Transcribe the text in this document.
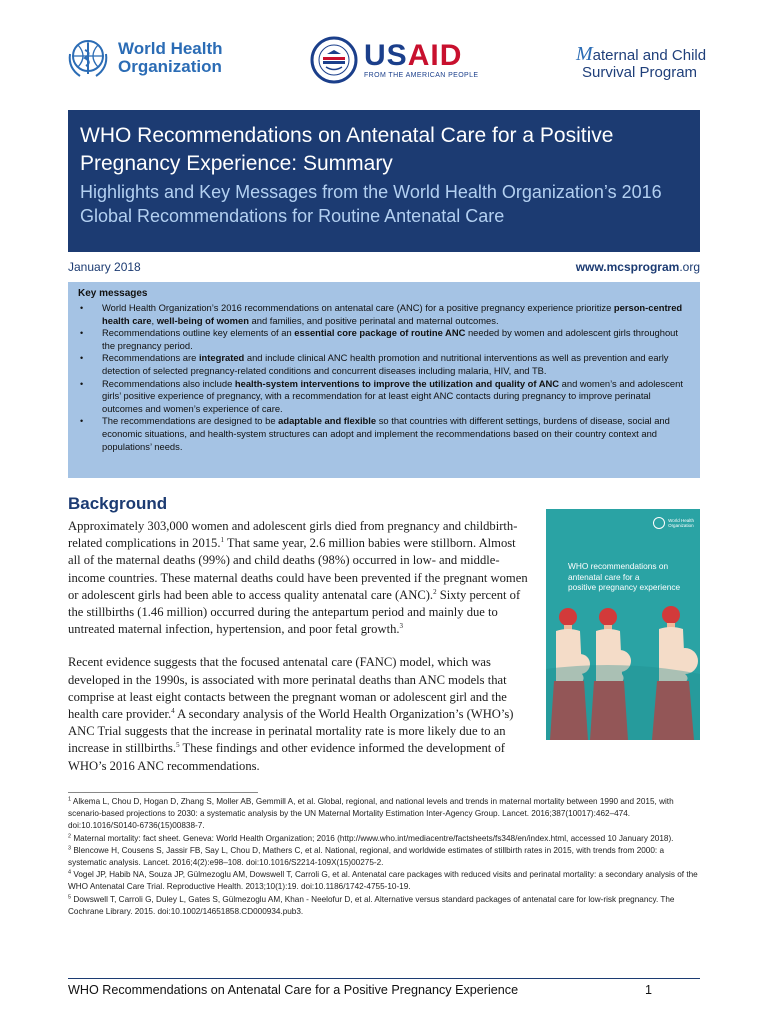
World Health
Organization	USAID
FROM THE AMERICAN PEOPLE
Maternal and Child
Survival Program
WHO Recommendations on Antenatal Care for a Positive Pregnancy Experience: Summary
Highlights and Key Messages from the World Health Organization’s 2016 Global Recommendations for Routine Antenatal Care
January 2018	www.mcsprogram.org
Key messages
• World Health Organization’s 2016 recommendations on antenatal care (ANC) for a positive pregnancy experience prioritize person-centred health care, well-being of women and families, and positive perinatal and maternal outcomes.
• Recommendations outline key elements of an essential core package of routine ANC needed by women and adolescent girls throughout the pregnancy period.
• Recommendations are integrated and include clinical ANC health promotion and nutritional interventions as well as prevention and early detection of selected pregnancy-related conditions and concurrent diseases including malaria, HIV, and TB.
• Recommendations also include health-system interventions to improve the utilization and quality of ANC and women’s and adolescent girls’ positive experience of pregnancy, with a recommendation for at least eight ANC contacts during pregnancy to improve perinatal outcomes and women’s experience of care.
• The recommendations are designed to be adaptable and flexible so that countries with different settings, burdens of disease, social and economic situations, and health-system structures can adopt and implement the recommendations based on their country context and populations’ needs.
Background

Approximately 303,000 women and adolescent girls died from pregnancy and childbirth-related complications in 2015.$^1$ That same year, 2.6 million babies were stillborn. Almost all of the maternal deaths (99%) and child deaths (98%) occurred in low- and middle-income countries. These maternal deaths could have been prevented if the pregnant women or adolescent girls had been able to access quality antenatal care (ANC).$^2$ Sixty percent of the stillbirths (1.46 million) occurred during the antepartum period and mainly due to untreated maternal infection, hypertension, and poor fetal growth.$^3$

Recent evidence suggests that the focused antenatal care (FANC) model, which was developed in the 1990s, is associated with more perinatal deaths than ANC models that comprise at least eight contacts between the pregnant woman or adolescent girl and the health care provider.$^4$ A secondary analysis of the World Health Organization’s (WHO’s) ANC Trial suggests that the increase in perinatal mortality rate is more likely due to an increase in stillbirths.$^5$ These findings and other evidence informed the development of WHO’s 2016 ANC recommendations.

World Health
Organization
WHO recommendations on
antenatal care for a
positive pregnancy experience
$^1$ Alkema L, Chou D, Hogan D, Zhang S, Moller AB, Gemmill A, et al. Global, regional, and national levels and trends in maternal mortality between 1990 and 2015, with scenario-based projections to 2030: a systematic analysis by the UN Maternal Mortality Estimation Inter-Agency Group. Lancet. 2016;387(10017):462–474. doi:10.1016/S0140-6736(15)00838-7.
$^2$ Maternal mortality: fact sheet. Geneva: World Health Organization; 2016 (http://www.who.int/mediacentre/factsheets/fs348/en/index.html, accessed 10 January 2018).
$^3$ Blencowe H, Cousens S, Jassir FB, Say L, Chou D, Mathers C, et al. National, regional, and worldwide estimates of stillbirth rates in 2015, with trends from 2000: a systematic analysis. Lancet. 2016;4(2):e98–108. doi:10.1016/S2214-109X(15)00275-2.
$^4$ Vogel JP, Habib NA, Souza JP, Gülmezoglu AM, Dowswell T, Carroli G, et al. Antenatal care packages with reduced visits and perinatal mortality: a secondary analysis of the WHO Antenatal Care Trial. Reproductive Health. 2013;10(1):19. doi:10.1186/1742-4755-10-19.
$^5$ Dowswell T, Carroli G, Duley L, Gates S, Gülmezoglu AM, Khan - Neelofur D, et al. Alternative versus standard packages of antenatal care for low-risk pregnancy. The Cochrane Library. 2015. doi:10.1002/14651858.CD000934.pub3.
WHO Recommendations on Antenatal Care for a Positive Pregnancy Experience	1
